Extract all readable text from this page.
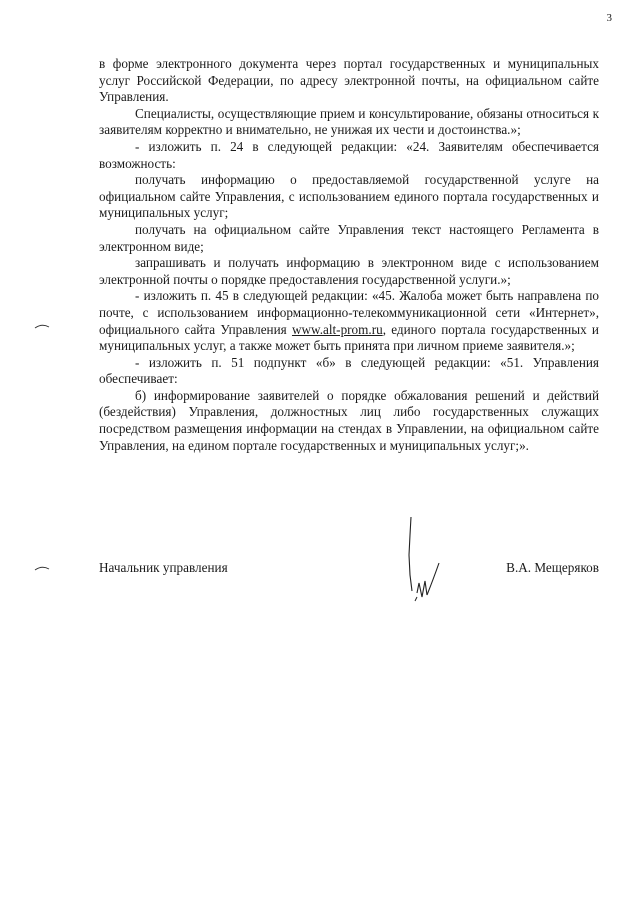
3

в форме электронного документа через портал государственных и муниципальных услуг Российской Федерации, по адресу электронной почты, на официальном сайте Управления.

Специалисты, осуществляющие прием и консультирование, обязаны относиться к заявителям корректно и внимательно, не унижая их чести и достоинства.»;

- изложить п. 24 в следующей редакции: «24. Заявителям обеспечивается возможность:

получать информацию о предоставляемой государственной услуге на официальном сайте Управления, с использованием единого портала государственных и муниципальных услуг;

получать на официальном сайте Управления текст настоящего Регламента в электронном виде;

запрашивать и получать информацию в электронном виде с использованием электронной почты о порядке предоставления государственной услуги.»;

- изложить п. 45 в следующей редакции: «45. Жалоба может быть направлена по почте, с использованием информационно-телекоммуникационной сети «Интернет», официального сайта Управления www.alt-prom.ru, единого портала государственных и муниципальных услуг, а также может быть принята при личном приеме заявителя.»;

- изложить п. 51 подпункт «б» в следующей редакции: «51. Управления обеспечивает:

б) информирование заявителей о порядке обжалования решений и действий (бездействия) Управления, должностных лиц либо государственных служащих посредством размещения информации на стендах в Управлении, на официальном сайте Управления, на едином портале государственных и муниципальных услуг;».

Начальник управления	В.А. Мещеряков
